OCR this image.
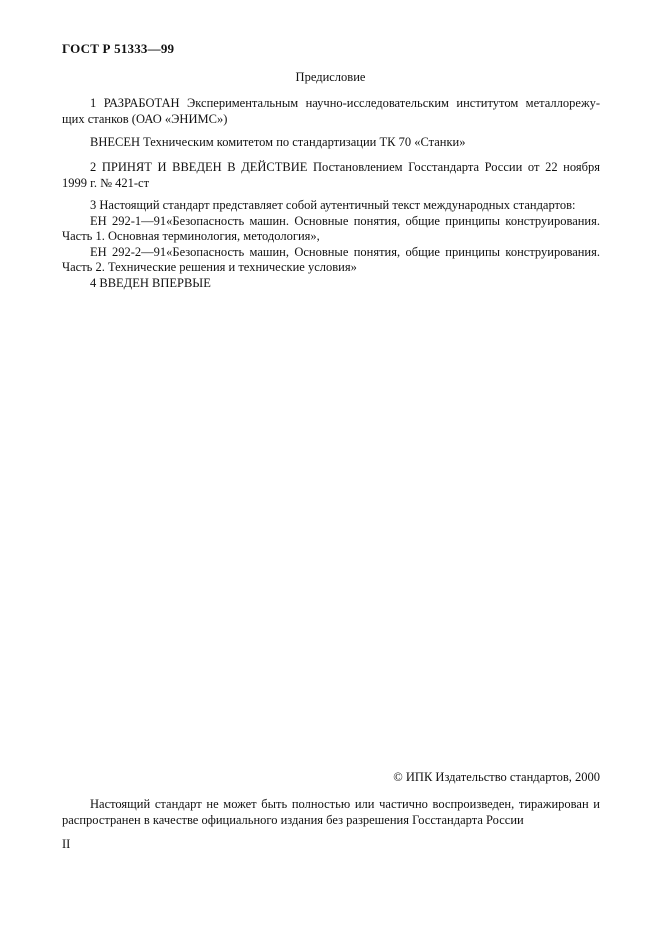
ГОСТ Р 51333—99
Предисловие
1 РАЗРАБОТАН Экспериментальным научно-исследовательским институтом металлорежу-
щих станков (ОАО «ЭНИМС»)
ВНЕСЕН Техническим комитетом по стандартизации ТК 70 «Станки»
2 ПРИНЯТ И ВВЕДЕН В ДЕЙСТВИЕ Постановлением Госстандарта России от 22 ноября
1999 г. № 421-ст
3 Настоящий стандарт представляет собой аутентичный текст международных стандартов:
ЕН 292-1—91«Безопасность машин. Основные понятия, общие принципы конструирования.
Часть 1. Основная терминология, методология»,
ЕН 292-2—91«Безопасность машин, Основные понятия, общие принципы конструирования.
Часть 2. Технические решения и технические условия»
4 ВВЕДЕН ВПЕРВЫЕ
© ИПК Издательство стандартов, 2000
Настоящий стандарт не может быть полностью или частично воспроизведен, тиражирован и
распространен в качестве официального издания без разрешения Госстандарта России
II
